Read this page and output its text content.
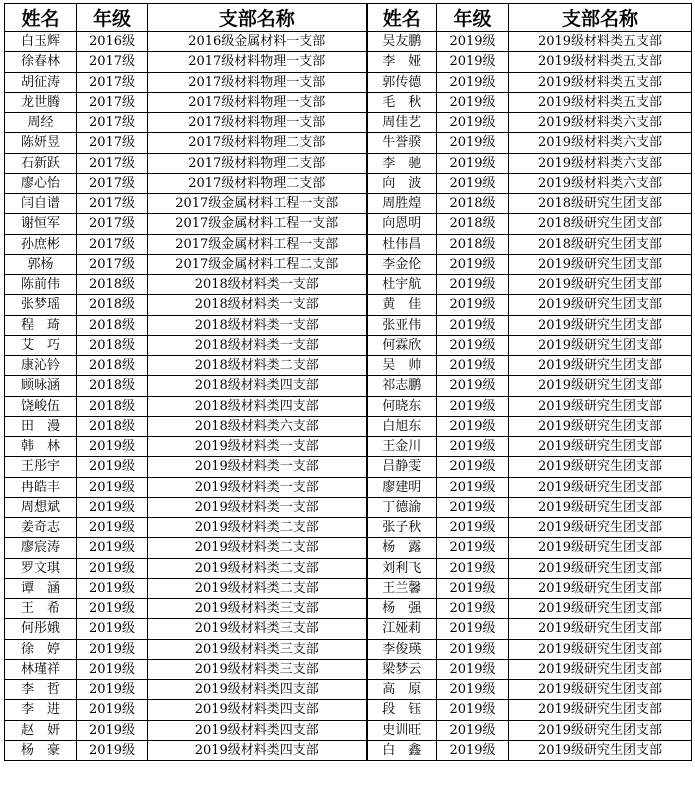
姓名	年级	支部名称	姓名	年级	支部名称
白玉辉	2016级	2016级金属材料一支部	吴友鹏	2019级	2019级材料类五支部
徐春林	2017级	2017级材料物理一支部	李　娅	2019级	2019级材料类五支部
胡征涛	2017级	2017级材料物理一支部	郭传德	2019级	2019级材料类五支部
龙世腾	2017级	2017级材料物理一支部	毛　秋	2019级	2019级材料类五支部
周经	2017级	2017级材料物理一支部	周佳艺	2019级	2019级材料类六支部
陈妍昱	2017级	2017级材料物理二支部	牛誉骙	2019级	2019级材料类六支部
石新跃	2017级	2017级材料物理二支部	李　驰	2019级	2019级材料类六支部
廖心怡	2017级	2017级材料物理二支部	向　波	2019级	2019级材料类六支部
闫自谱	2017级	2017级金属材料工程一支部	周胜煌	2018级	2018级研究生团支部
谢恒军	2017级	2017级金属材料工程一支部	向恩明	2018级	2018级研究生团支部
孙庶彬	2017级	2017级金属材料工程一支部	杜伟昌	2018级	2018级研究生团支部
郭杨	2017级	2017级金属材料工程二支部	李金伦	2019级	2019级研究生团支部
陈前伟	2018级	2018级材料类一支部	杜宇航	2019级	2019级研究生团支部
张梦瑶	2018级	2018级材料类一支部	黄　佳	2019级	2019级研究生团支部
程　琦	2018级	2018级材料类一支部	张亚伟	2019级	2019级研究生团支部
艾　巧	2018级	2018级材料类一支部	何霖欣	2019级	2019级研究生团支部
康沁钤	2018级	2018级材料类二支部	吴　帅	2019级	2019级研究生团支部
顾咏涵	2018级	2018级材料类四支部	祁志鹏	2019级	2019级研究生团支部
饶峻伍	2018级	2018级材料类四支部	何晓东	2019级	2019级研究生团支部
田　漫	2018级	2018级材料类六支部	白旭东	2019级	2019级研究生团支部
韩　林	2019级	2019级材料类一支部	王金川	2019级	2019级研究生团支部
王彤宇	2019级	2019级材料类一支部	吕静雯	2019级	2019级研究生团支部
冉皓丰	2019级	2019级材料类一支部	廖建明	2019级	2019级研究生团支部
周想斌	2019级	2019级材料类一支部	丁德渝	2019级	2019级研究生团支部
姜奇志	2019级	2019级材料类二支部	张子秋	2019级	2019级研究生团支部
廖宸涛	2019级	2019级材料类二支部	杨　露	2019级	2019级研究生团支部
罗文琪	2019级	2019级材料类二支部	刘利飞	2019级	2019级研究生团支部
谭　涵	2019级	2019级材料类二支部	王兰馨	2019级	2019级研究生团支部
王　希	2019级	2019级材料类三支部	杨　强	2019级	2019级研究生团支部
何彤娥	2019级	2019级材料类三支部	江娅莉	2019级	2019级研究生团支部
徐　婷	2019级	2019级材料类三支部	李俊瑛	2019级	2019级研究生团支部
林瑾祥	2019级	2019级材料类三支部	梁梦云	2019级	2019级研究生团支部
李　哲	2019级	2019级材料类四支部	高　原	2019级	2019级研究生团支部
李　进	2019级	2019级材料类四支部	段　钰	2019级	2019级研究生团支部
赵　妍	2019级	2019级材料类四支部	史训旺	2019级	2019级研究生团支部
杨　豪	2019级	2019级材料类四支部	白　鑫	2019级	2019级研究生团支部
